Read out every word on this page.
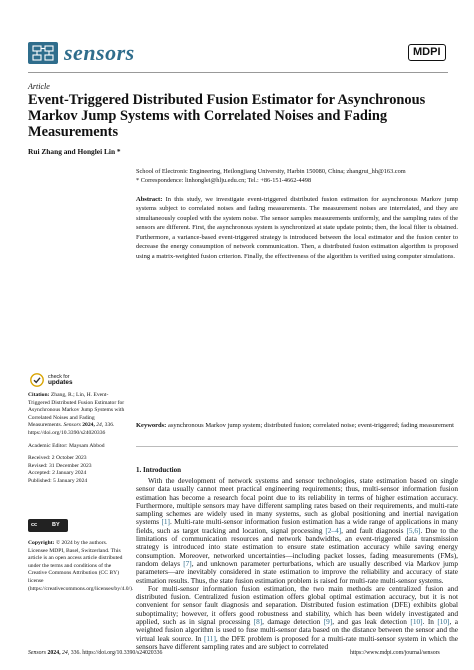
sensors	MDPI
Article
Event-Triggered Distributed Fusion Estimator for Asynchronous Markov Jump Systems with Correlated Noises and Fading Measurements
Rui Zhang and Honglei Lin *
School of Electronic Engineering, Heilongjiang University, Harbin 150080, China; zhangrui_hh@163.com
* Correspondence: linhonglei@hlju.edu.cn; Tel.: +86-151-4662-4498
Abstract: In this study, we investigate event-triggered distributed fusion estimation for asynchronous Markov jump systems subject to correlated noises and fading measurements. The measurement noises are interrelated, and they are simultaneously coupled with the system noise. The sensor samples measurements uniformly, and the sampling rates of the sensors are different. First, the asynchronous system is synchronized at state update points; then, the local filter is obtained. Furthermore, a variance-based event-triggered strategy is introduced between the local estimator and the fusion center to decrease the energy consumption of network communication. Then, a distributed fusion estimation algorithm is proposed using a matrix-weighted fusion criterion. Finally, the effectiveness of the algorithm is verified using computer simulations.
Keywords: asynchronous Markov jump system; distributed fusion; correlated noise; event-triggered; fading measurement
check for
updates
Citation: Zhang, R.; Lin, H. Event-Triggered Distributed Fusion Estimator for Asynchronous Markov Jump Systems with Correlated Noises and Fading Measurements. Sensors 2024, 24, 336. https://doi.org/10.3390/s24020336
Academic Editor: Maysam Abbod
Received: 2 October 2023
Revised: 31 December 2023
Accepted: 2 January 2024
Published: 5 January 2024
cc	BY
Copyright: © 2024 by the authors. Licensee MDPI, Basel, Switzerland. This article is an open access article distributed under the terms and conditions of the Creative Commons Attribution (CC BY) license (https://creativecommons.org/licenses/by/4.0/).
1. Introduction

With the development of network systems and sensor technologies, state estimation based on single sensor data usually cannot meet practical engineering requirements; thus, multi-sensor information fusion estimation has become a research focal point due to its reliability in terms of higher estimation accuracy. Furthermore, multiple sensors may have different sampling rates based on their requirements, and multi-rate sampling schemes are widely used in many systems, such as global positioning and inertial navigation systems [1]. Multi-rate multi-sensor information fusion estimation has a wide range of applications in many fields, such as target tracking and location, signal processing [2–4], and fault diagnosis [5,6]. Due to the limitations of communication resources and network bandwidths, an event-triggered data transmission strategy is introduced into state estimation to ensure state estimation accuracy while saving energy consumption. Moreover, networked uncertainties—including packet losses, fading measurements (FMs), random delays [7], and unknown parameter perturbations, which are usually described via Markov jump parameters—are inevitably considered in state estimation to improve the reliability and accuracy of state estimation results. Thus, the state fusion estimation problem is raised for multi-rate multi-sensor systems.

For multi-sensor information fusion estimation, the two main methods are centralized fusion and distributed fusion. Centralized fusion estimation offers global optimal estimation accuracy, but it is not convenient for sensor fault diagnosis and separation. Distributed fusion estimation (DFE) exhibits global suboptimality; however, it offers good robustness and stability, which has been widely investigated and applied, such as in signal processing [8], damage detection [9], and gas leak detection [10]. In [10], a weighted fusion algorithm is used to fuse multi-sensor data based on the distance between the sensor and the virtual leak source. In [11], the DFE problem is proposed for a multi-rate multi-sensor system in which the sensors have different sampling rates and are subject to correlated

Sensors 2024, 24, 336. https://doi.org/10.3390/s24020336	https://www.mdpi.com/journal/sensors
